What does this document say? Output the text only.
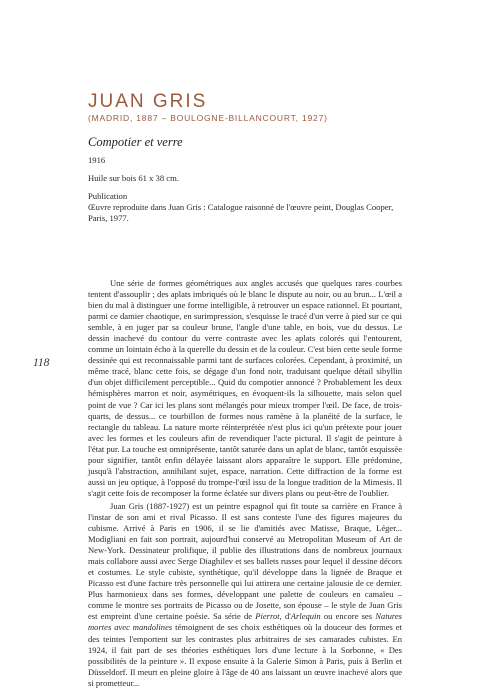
JUAN GRIS
(MADRID, 1887 – BOULOGNE-BILLANCOURT, 1927)
Compotier et verre
1916
Huile sur bois 61 x 38 cm.
Publication
Œuvre reproduite dans Juan Gris : Catalogue raisonné de l'œuvre peint, Douglas Cooper, Paris, 1977.
118

Une série de formes géométriques aux angles accusés que quelques rares courbes tentent d'assouplir ; des aplats imbriqués où le blanc le dispute au noir, ou au brun... L'œil a bien du mal à distinguer une forme intelligible, à retrouver un espace rationnel. Et pourtant, parmi ce damier chaotique, en surimpression, s'esquisse le tracé d'un verre à pied sur ce qui semble, à en juger par sa couleur brune, l'angle d'une table, en bois, vue du dessus. Le dessin inachevé du contour du verre contraste avec les aplats colorés qui l'entourent, comme un lointain écho à la querelle du dessin et de la couleur. C'est bien cette seule forme dessinée qui est reconnaissable parmi tant de surfaces colorées. Cependant, à proximité, un même tracé, blanc cette fois, se dégage d'un fond noir, traduisant quelque détail sibyllin d'un objet difficilement perceptible... Quid du compotier annoncé ? Probablement les deux hémisphères marron et noir, asymétriques, en évoquent-ils la silhouette, mais selon quel point de vue ? Car ici les plans sont mélangés pour mieux tromper l'œil. De face, de trois-quarts, de dessus... ce tourbillon de formes nous ramène à la planéité de la surface, le rectangle du tableau. La nature morte réinterprétée n'est plus ici qu'un prétexte pour jouer avec les formes et les couleurs afin de revendiquer l'acte pictural. Il s'agit de peinture à l'état pur. La touche est omniprésente, tantôt saturée dans un aplat de blanc, tantôt esquissée pour signifier, tantôt enfin délayée laissant alors apparaître le support. Elle prédomine, jusqu'à l'abstraction, annihilant sujet, espace, narration. Cette diffraction de la forme est aussi un jeu optique, à l'opposé du trompe-l'œil issu de la longue tradition de la Mimesis. Il s'agit cette fois de recomposer la forme éclatée sur divers plans ou peut-être de l'oublier.

Juan Gris (1887-1927) est un peintre espagnol qui fit toute sa carrière en France à l'instar de son ami et rival Picasso. Il est sans conteste l'une des figures majeures du cubisme. Arrivé à Paris en 1906, il se lie d'amitiés avec Matisse, Braque, Léger... Modigliani en fait son portrait, aujourd'hui conservé au Metropolitan Museum of Art de New-York. Dessinateur prolifique, il publie des illustrations dans de nombreux journaux mais collabore aussi avec Serge Diaghilev et ses ballets russes pour lequel il dessine décors et costumes. Le style cubiste, synthétique, qu'il développe dans la lignée de Braque et Picasso est d'une facture très personnelle qui lui attirera une certaine jalousie de ce dernier. Plus harmonieux dans ses formes, développant une palette de couleurs en camaïeu – comme le montre ses portraits de Picasso ou de Josette, son épouse – le style de Juan Gris est empreint d'une certaine poésie. Sa série de Pierrot, d'Arlequin ou encore ses Natures mortes avec mandolines témoignent de ses choix esthétiques où la douceur des formes et des teintes l'emportent sur les contrastes plus arbitraires de ses camarades cubistes. En 1924, il fait part de ses théories esthétiques lors d'une lecture à la Sorbonne, « Des possibilités de la peinture ». Il expose ensuite à la Galerie Simon à Paris, puis à Berlin et Düsseldorf. Il meurt en pleine gloire à l'âge de 40 ans laissant un œuvre inachevé alors que si prometteur...
